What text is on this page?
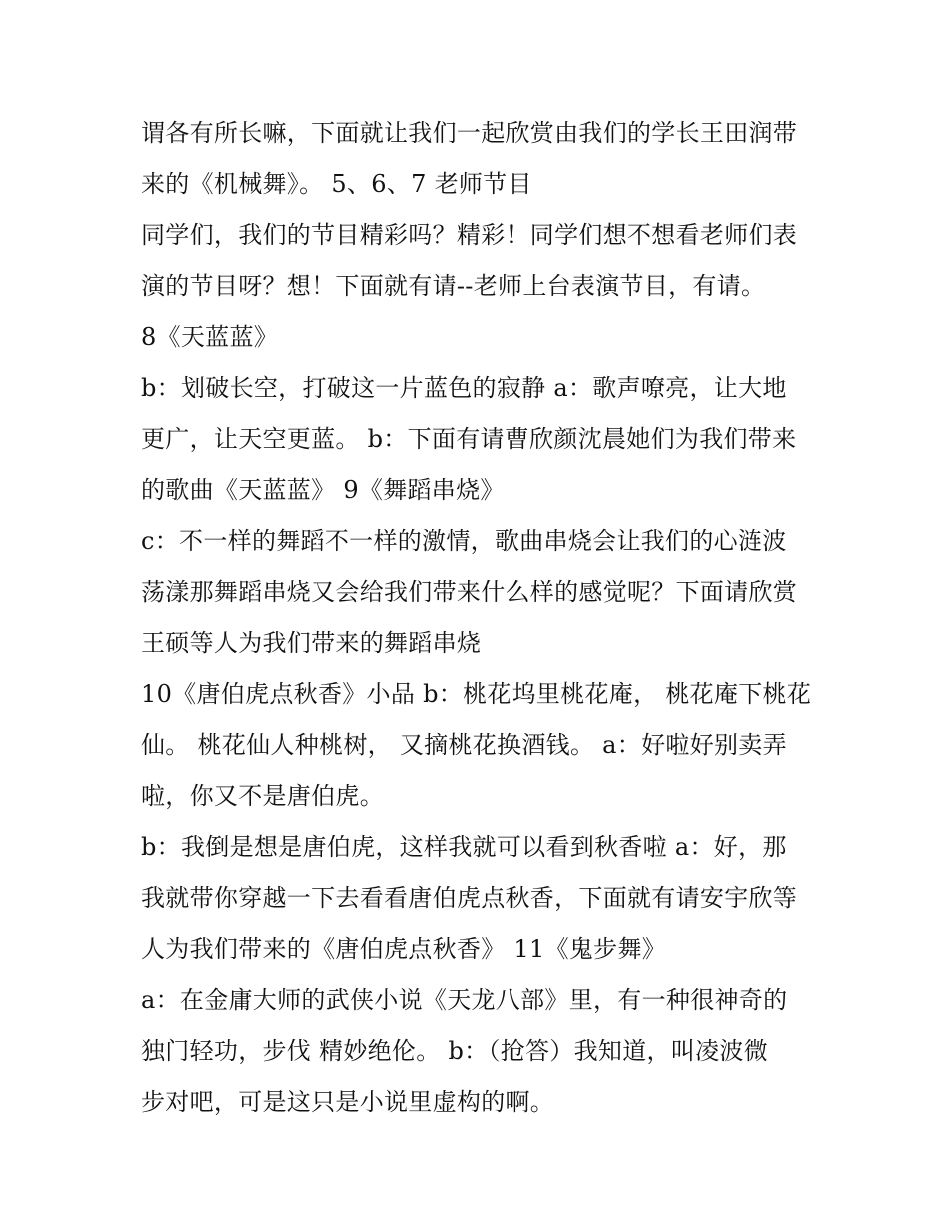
谓各有所长嘛，下面就让我们一起欣赏由我们的学长王田润带
来的《机械舞》。 5、6、7 老师节目
同学们，我们的节目精彩吗？精彩！同学们想不想看老师们表
演的节目呀？想！下面就有请--老师上台表演节目，有请。
8《天蓝蓝》
b：划破长空，打破这一片蓝色的寂静 a：歌声嘹亮，让大地
更广，让天空更蓝。 b：下面有请曹欣颜沈晨她们为我们带来
的歌曲《天蓝蓝》 9《舞蹈串烧》
c：不一样的舞蹈不一样的激情，歌曲串烧会让我们的心涟波
荡漾那舞蹈串烧又会给我们带来什么样的感觉呢？下面请欣赏
王硕等人为我们带来的舞蹈串烧
10《唐伯虎点秋香》小品 b：桃花坞里桃花庵， 桃花庵下桃花
仙。 桃花仙人种桃树， 又摘桃花换酒钱。 a：好啦好别卖弄
啦，你又不是唐伯虎。
b：我倒是想是唐伯虎，这样我就可以看到秋香啦 a：好，那
我就带你穿越一下去看看唐伯虎点秋香，下面就有请安宇欣等
人为我们带来的《唐伯虎点秋香》 11《鬼步舞》
a：在金庸大师的武侠小说《天龙八部》里，有一种很神奇的
独门轻功，步伐 精妙绝伦。 b：（抢答）我知道，叫凌波微
步对吧，可是这只是小说里虚构的啊。
